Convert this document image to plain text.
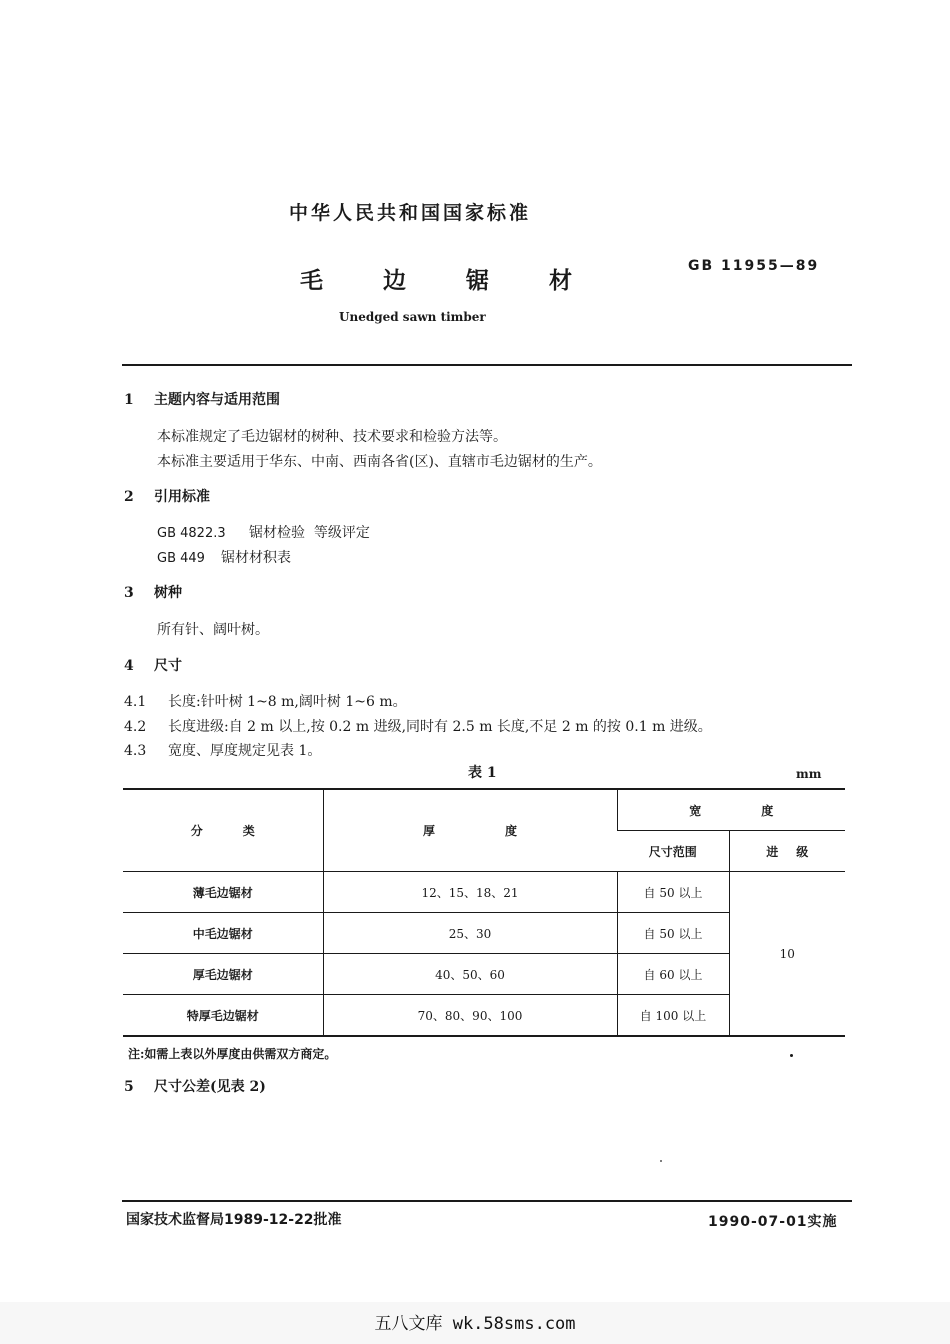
中华人民共和国国家标准
毛 边 锯 材
GB 11955—89
Unedged sawn timber
1 主题内容与适用范围
本标准规定了毛边锯材的树种、技术要求和检验方法等。
本标准主要适用于华东、中南、西南各省(区)、直辖市毛边锯材的生产。
2 引用标准
GB 4822.3 锯材检验  等级评定
GB 449 锯材材积表
3 树种
所有针、阔叶树。
4 尺寸
4.1 长度:针叶树 1~8 m,阔叶树 1~6 m。
4.2 长度进级:自 2 m 以上,按 0.2 m 进级,同时有 2.5 m 长度,不足 2 m 的按 0.1 m 进级。
4.3 宽度、厚度规定见表 1。
表 1	mm
分类	厚度	宽度	
		尺寸范围	进级
薄毛边锯材	12、15、18、21	自 50 以上	10
中毛边锯材	25、30	自 50 以上	
厚毛边锯材	40、50、60	自 60 以上	
特厚毛边锯材	70、80、90、100	自 100 以上	
注:如需上表以外厚度由供需双方商定。
5 尺寸公差(见表 2)
国家技术监督局1989-12-22批准	1990-07-01实施
五八文库 wk.58sms.com
